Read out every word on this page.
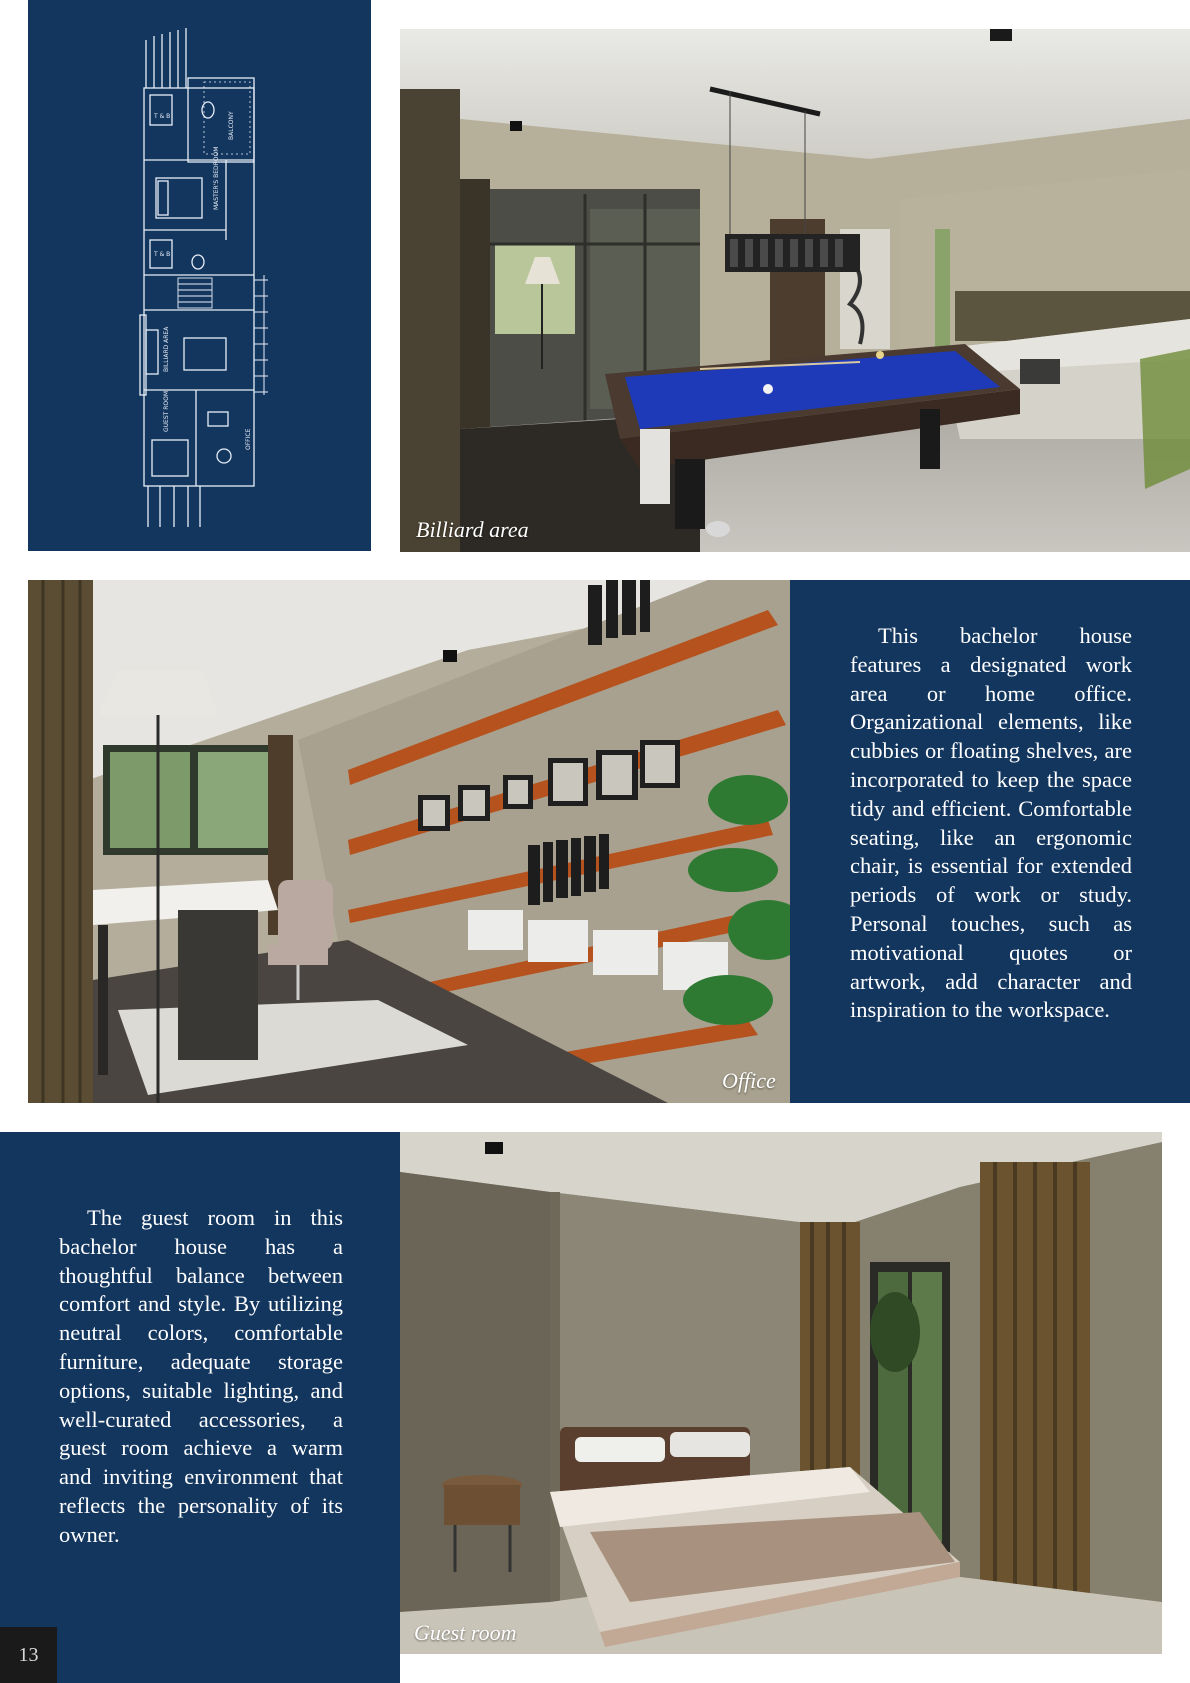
T & B	BALCONY
MASTER'S BEDROOM
T & B
BILLIARD AREA
GUEST ROOM
OFFICE
Billiard area
Office

This bachelor house features a designated work area or home office. Organizational elements, like cubbies or floating shelves, are incorporated to keep the space tidy and efficient. Comfortable seating, like an ergonomic chair, is essential for extended periods of work or study. Personal touches, such as motivational quotes or artwork, add character and inspiration to the workspace.

The guest room in this bachelor house has a thoughtful balance between comfort and style. By utilizing neutral colors, comfortable furniture, adequate storage options, suitable lighting, and well-curated accessories, a guest room achieve a warm and inviting environment that reflects the personality of its owner.

Guest room
13
